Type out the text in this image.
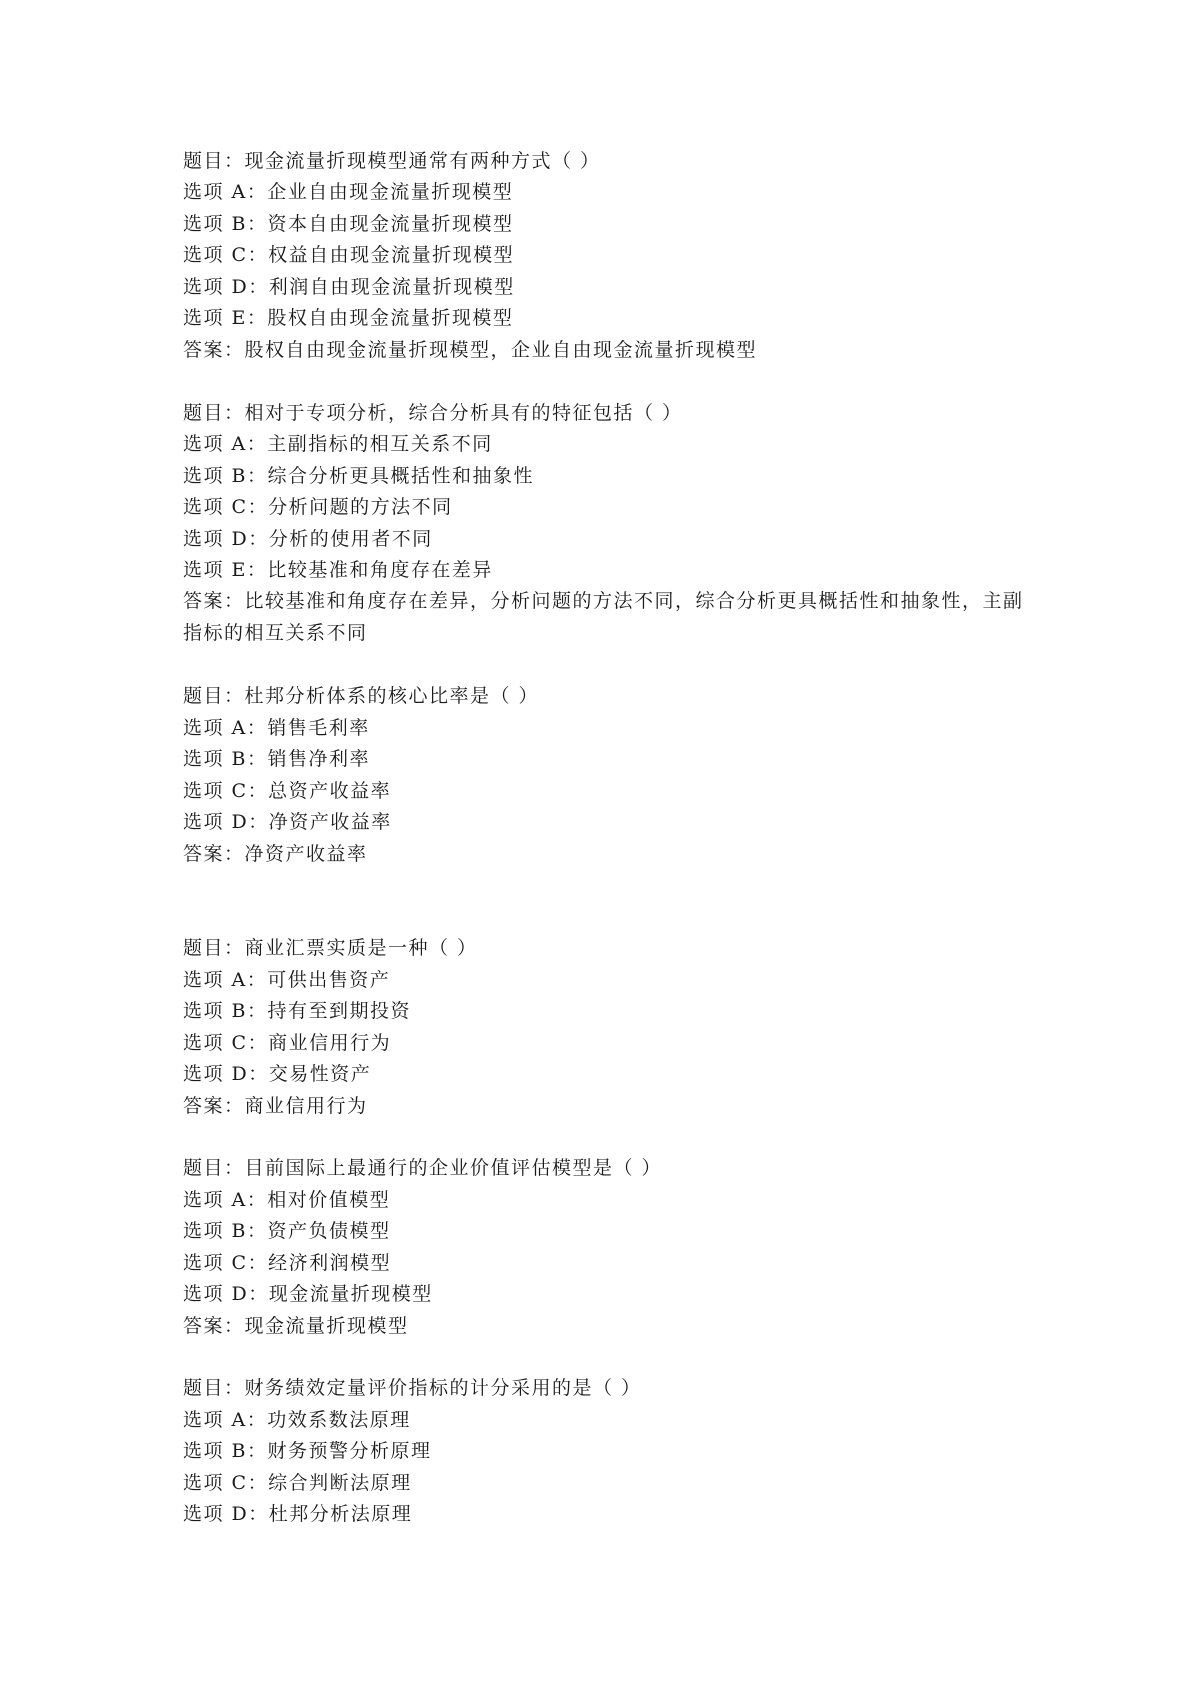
题目：现金流量折现模型通常有两种方式（ ）
选项 A：企业自由现金流量折现模型
选项 B：资本自由现金流量折现模型
选项 C：权益自由现金流量折现模型
选项 D：利润自由现金流量折现模型
选项 E：股权自由现金流量折现模型
答案：股权自由现金流量折现模型，企业自由现金流量折现模型
题目：相对于专项分析，综合分析具有的特征包括（ ）
选项 A：主副指标的相互关系不同
选项 B：综合分析更具概括性和抽象性
选项 C：分析问题的方法不同
选项 D：分析的使用者不同
选项 E：比较基准和角度存在差异
答案：比较基准和角度存在差异，分析问题的方法不同，综合分析更具概括性和抽象性，主副指标的相互关系不同
题目：杜邦分析体系的核心比率是（ ）
选项 A：销售毛利率
选项 B：销售净利率
选项 C：总资产收益率
选项 D：净资产收益率
答案：净资产收益率
题目：商业汇票实质是一种（ ）
选项 A：可供出售资产
选项 B：持有至到期投资
选项 C：商业信用行为
选项 D：交易性资产
答案：商业信用行为
题目：目前国际上最通行的企业价值评估模型是（ ）
选项 A：相对价值模型
选项 B：资产负债模型
选项 C：经济利润模型
选项 D：现金流量折现模型
答案：现金流量折现模型
题目：财务绩效定量评价指标的计分采用的是（ ）
选项 A：功效系数法原理
选项 B：财务预警分析原理
选项 C：综合判断法原理
选项 D：杜邦分析法原理
